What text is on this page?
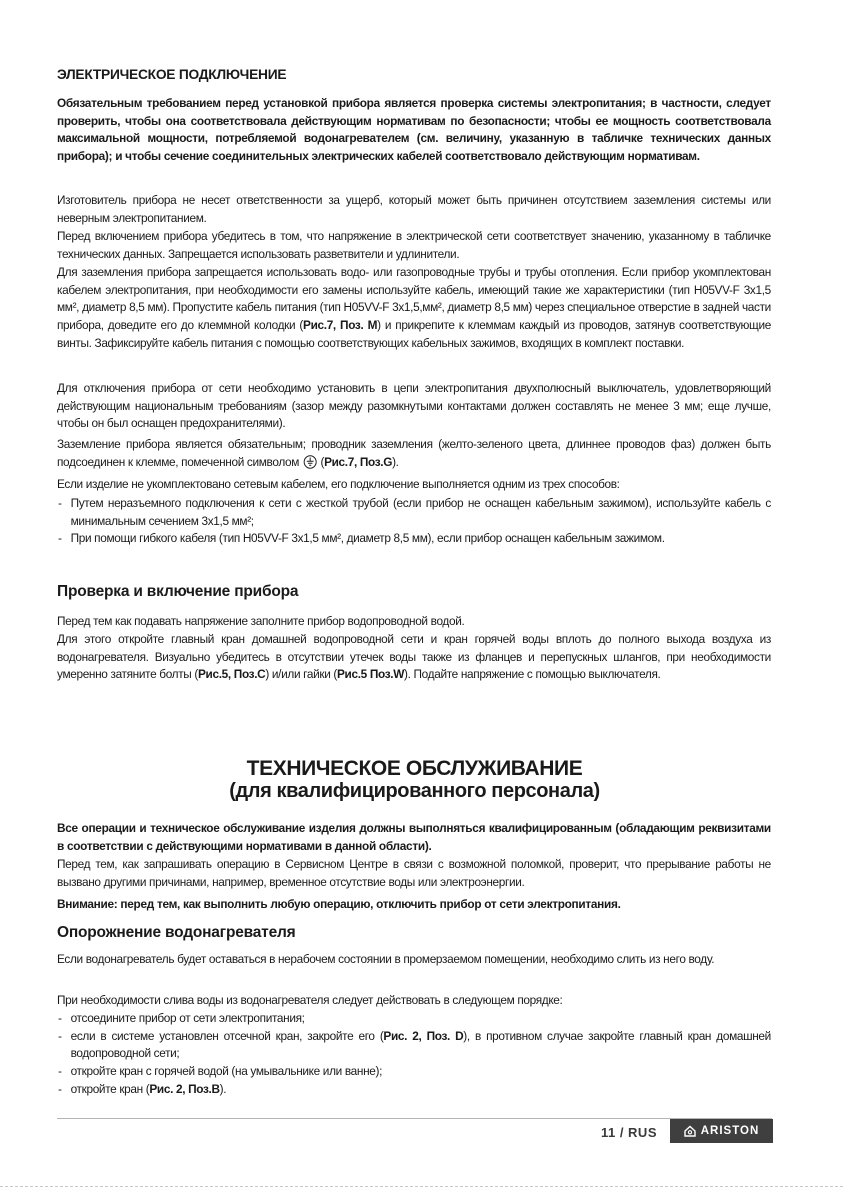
ЭЛЕКТРИЧЕСКОЕ ПОДКЛЮЧЕНИЕ

Обязательным требованием перед установкой прибора является проверка системы электропитания; в частности, следует проверить, чтобы она соответствовала действующим нормативам по безопасности; чтобы ее мощность соответствовала максимальной мощности, потребляемой водонагревателем (см. величину, указанную в табличке технических данных прибора); и чтобы сечение соединительных электрических кабелей соответствовало действующим нормативам.

Изготовитель прибора не несет ответственности за ущерб, который может быть причинен отсутствием заземления системы или неверным электропитанием.

Перед включением прибора убедитесь в том, что напряжение в электрической сети соответствует значению, указанному в табличке технических данных. Запрещается использовать разветвители и удлинители.

Для заземления прибора запрещается использовать водо- или газопроводные трубы и трубы отопления. Если прибор укомплектован кабелем электропитания, при необходимости его замены используйте кабель, имеющий такие же характеристики (тип H05VV-F 3x1,5 мм², диаметр 8,5 мм). Пропустите кабель питания (тип H05VV-F 3x1,5,мм², диаметр 8,5 мм) через специальное отверстие в задней части прибора, доведите его до клеммной колодки (Рис.7, Поз. M) и прикрепите к клеммам каждый из проводов, затянув соответствующие винты. Зафиксируйте кабель питания с помощью соответствующих кабельных зажимов, входящих в комплект поставки.

Для отключения прибора от сети необходимо установить в цепи электропитания двухполюсный выключатель, удовлетворяющий действующим национальным требованиям (зазор между разомкнутыми контактами должен составлять не менее 3 мм; еще лучше, чтобы он был оснащен предохранителями).

Заземление прибора является обязательным; проводник заземления (желто-зеленого цвета, длиннее проводов фаз) должен быть подсоединен к клемме, помеченной символом  (Рис.7, Поз.G).

Если изделие не укомплектовано сетевым кабелем, его подключение выполняется одним из трех способов:

- Путем неразъемного подключения к сети с жесткой трубой (если прибор не оснащен кабельным зажимом), используйте кабель с минимальным сечением 3x1,5 мм²;
- При помощи гибкого кабеля (тип H05VV-F 3x1,5 мм², диаметр 8,5 мм), если прибор оснащен кабельным зажимом.
Проверка и включение прибора

Перед тем как подавать напряжение заполните прибор водопроводной водой.

Для этого откройте главный кран домашней водопроводной сети и кран горячей воды вплоть до полного выхода воздуха из водонагревателя. Визуально убедитесь в отсутствии утечек воды также из фланцев и перепускных шлангов, при необходимости умеренно затяните болты (Рис.5, Поз.C) и/или гайки (Рис.5 Поз.W). Подайте напряжение с помощью выключателя.

ТЕХНИЧЕСКОЕ ОБСЛУЖИВАНИЕ
(для квалифицированного персонала)

Все операции и техническое обслуживание изделия должны выполняться квалифицированным (обладающим реквизитами в соответствии с действующими нормативами в данной области).

Перед тем, как запрашивать операцию в Сервисном Центре в связи с возможной поломкой, проверит, что прерывание работы не вызвано другими причинами, например, временное отсутствие воды или электроэнергии.

Внимание: перед тем, как выполнить любую операцию, отключить прибор от сети электропитания.

Опорожнение водонагревателя

Если водонагреватель будет оставаться в нерабочем состоянии в промерзаемом помещении, необходимо слить из него воду.

При необходимости слива воды из водонагревателя следует действовать в следующем порядке:

- отсоедините прибор от сети электропитания;
- если в системе установлен отсечной кран, закройте его (Рис. 2, Поз. D), в противном случае закройте главный кран домашней водопроводной сети;
- откройте кран с горячей водой (на умывальнике или ванне);
- откройте кран (Рис. 2, Поз.B).
11 / RUS	ARISTON
